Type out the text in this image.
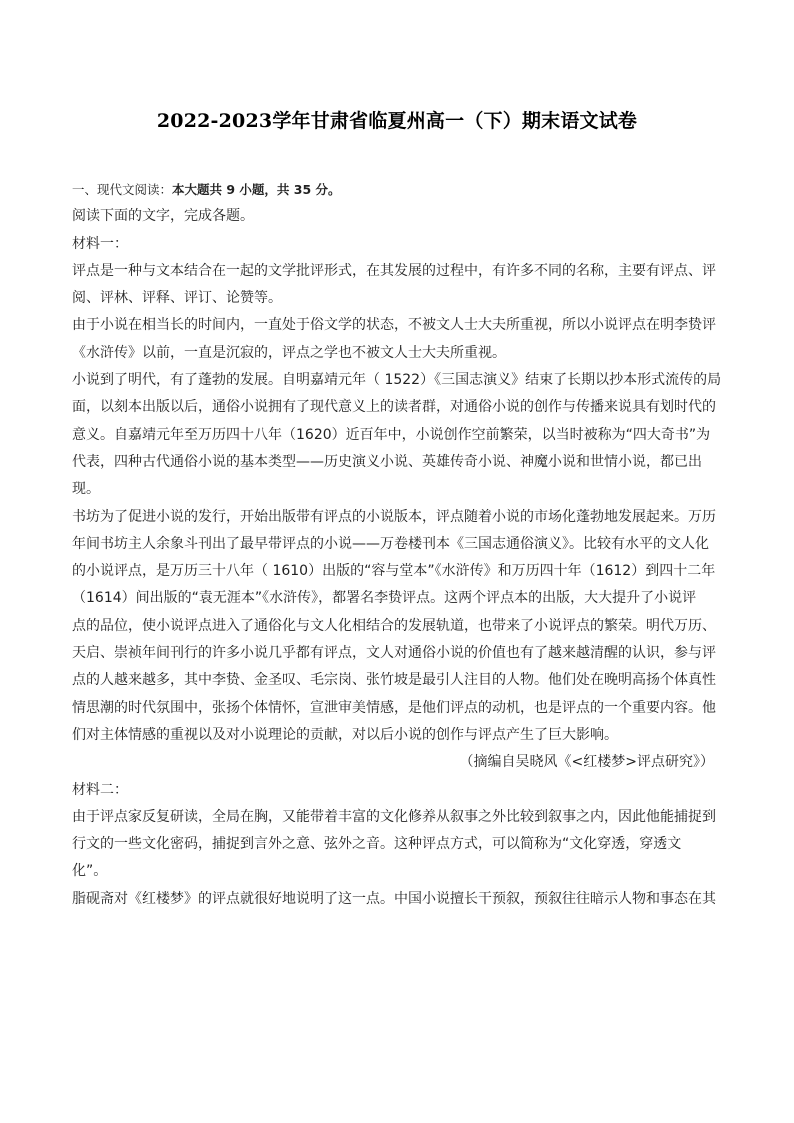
2022-2023学年甘肃省临夏州高一（下）期末语文试卷
一、现代文阅读：本大题共 9 小题，共 35 分。
阅读下面的文字，完成各题。
材料一：
评点是一种与文本结合在一起的文学批评形式，在其发展的过程中，有许多不同的名称，主要有评点、评
阅、评林、评释、评订、论赞等。
由于小说在相当长的时间内，一直处于俗文学的状态，不被文人士大夫所重视，所以小说评点在明李贽评
《水浒传》以前，一直是沉寂的，评点之学也不被文人士大夫所重视。
小说到了明代，有了蓬勃的发展。自明嘉靖元年（ 1522）《三国志演义》结束了长期以抄本形式流传的局
面，以刻本出版以后，通俗小说拥有了现代意义上的读者群，对通俗小说的创作与传播来说具有划时代的
意义。自嘉靖元年至万历四十八年（1620）近百年中，小说创作空前繁荣，以当时被称为“四大奇书”为
代表，四种古代通俗小说的基本类型——历史演义小说、英雄传奇小说、神魔小说和世情小说，都已出
现。
书坊为了促进小说的发行，开始出版带有评点的小说版本，评点随着小说的市场化蓬勃地发展起来。万历
年间书坊主人余象斗刊出了最早带评点的小说——万卷楼刊本《三国志通俗演义》。比较有水平的文人化
的小说评点，是万历三十八年（ 1610）出版的“容与堂本”《水浒传》和万历四十年（1612）到四十二年
（1614）间出版的“袁无涯本”《水浒传》，都署名李贽评点。这两个评点本的出版，大大提升了小说评
点的品位，使小说评点进入了通俗化与文人化相结合的发展轨道，也带来了小说评点的繁荣。明代万历、
天启、崇祯年间刊行的许多小说几乎都有评点，文人对通俗小说的价值也有了越来越清醒的认识，参与评
点的人越来越多，其中李贽、金圣叹、毛宗岗、张竹坡是最引人注目的人物。他们处在晚明高扬个体真性
情思潮的时代氛围中，张扬个体情怀，宣泄审美情感，是他们评点的动机，也是评点的一个重要内容。他
们对主体情感的重视以及对小说理论的贡献，对以后小说的创作与评点产生了巨大影响。
（摘编自吴晓风《<红楼梦>评点研究》）
材料二：
由于评点家反复研读，全局在胸，又能带着丰富的文化修养从叙事之外比较到叙事之内，因此他能捕捉到
行文的一些文化密码，捕捉到言外之意、弦外之音。这种评点方式，可以简称为“文化穿透，穿透文
化”。
脂砚斋对《红楼梦》的评点就很好地说明了这一点。中国小说擅长干预叙，预叙往往暗示人物和事态在其
